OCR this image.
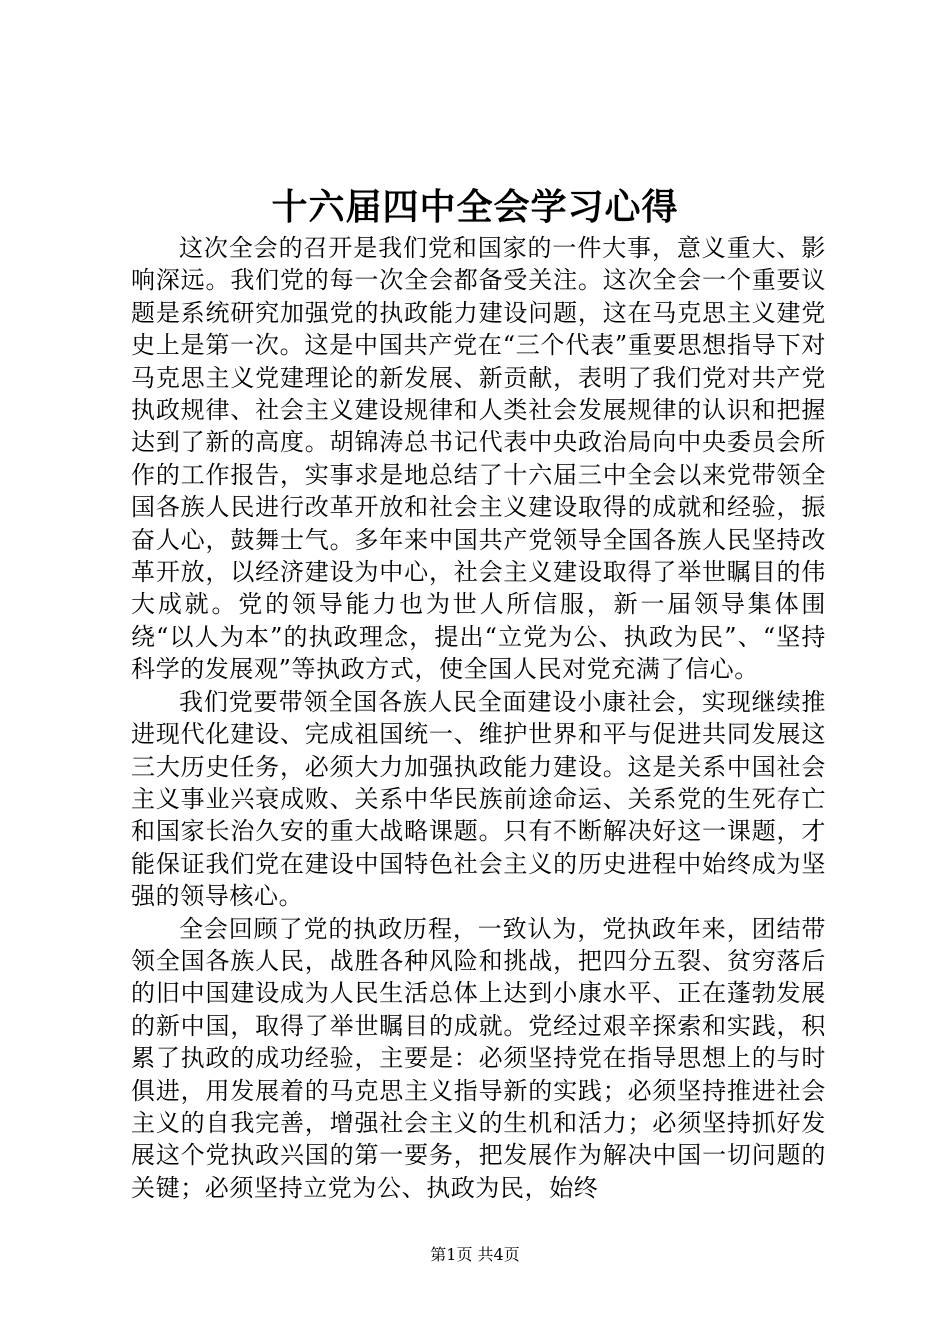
十六届四中全会学习心得

这次全会的召开是我们党和国家的一件大事，意义重大、影响深远。我们党的每一次全会都备受关注。这次全会一个重要议题是系统研究加强党的执政能力建设问题，这在马克思主义建党史上是第一次。这是中国共产党在“三个代表”重要思想指导下对马克思主义党建理论的新发展、新贡献，表明了我们党对共产党执政规律、社会主义建设规律和人类社会发展规律的认识和把握达到了新的高度。胡锦涛总书记代表中央政治局向中央委员会所作的工作报告，实事求是地总结了十六届三中全会以来党带领全国各族人民进行改革开放和社会主义建设取得的成就和经验，振奋人心，鼓舞士气。多年来中国共产党领导全国各族人民坚持改革开放，以经济建设为中心，社会主义建设取得了举世瞩目的伟大成就。党的领导能力也为世人所信服，新一届领导集体围绕“以人为本”的执政理念，提出“立党为公、执政为民”、“坚持科学的发展观”等执政方式，使全国人民对党充满了信心。

我们党要带领全国各族人民全面建设小康社会，实现继续推进现代化建设、完成祖国统一、维护世界和平与促进共同发展这三大历史任务，必须大力加强执政能力建设。这是关系中国社会主义事业兴衰成败、关系中华民族前途命运、关系党的生死存亡和国家长治久安的重大战略课题。只有不断解决好这一课题，才能保证我们党在建设中国特色社会主义的历史进程中始终成为坚强的领导核心。

全会回顾了党的执政历程，一致认为，党执政年来，团结带领全国各族人民，战胜各种风险和挑战，把四分五裂、贫穷落后的旧中国建设成为人民生活总体上达到小康水平、正在蓬勃发展的新中国，取得了举世瞩目的成就。党经过艰辛探索和实践，积累了执政的成功经验，主要是：必须坚持党在指导思想上的与时俱进，用发展着的马克思主义指导新的实践；必须坚持推进社会主义的自我完善，增强社会主义的生机和活力；必须坚持抓好发展这个党执政兴国的第一要务，把发展作为解决中国一切问题的关键；必须坚持立党为公、执政为民，始终

第1页 共4页
